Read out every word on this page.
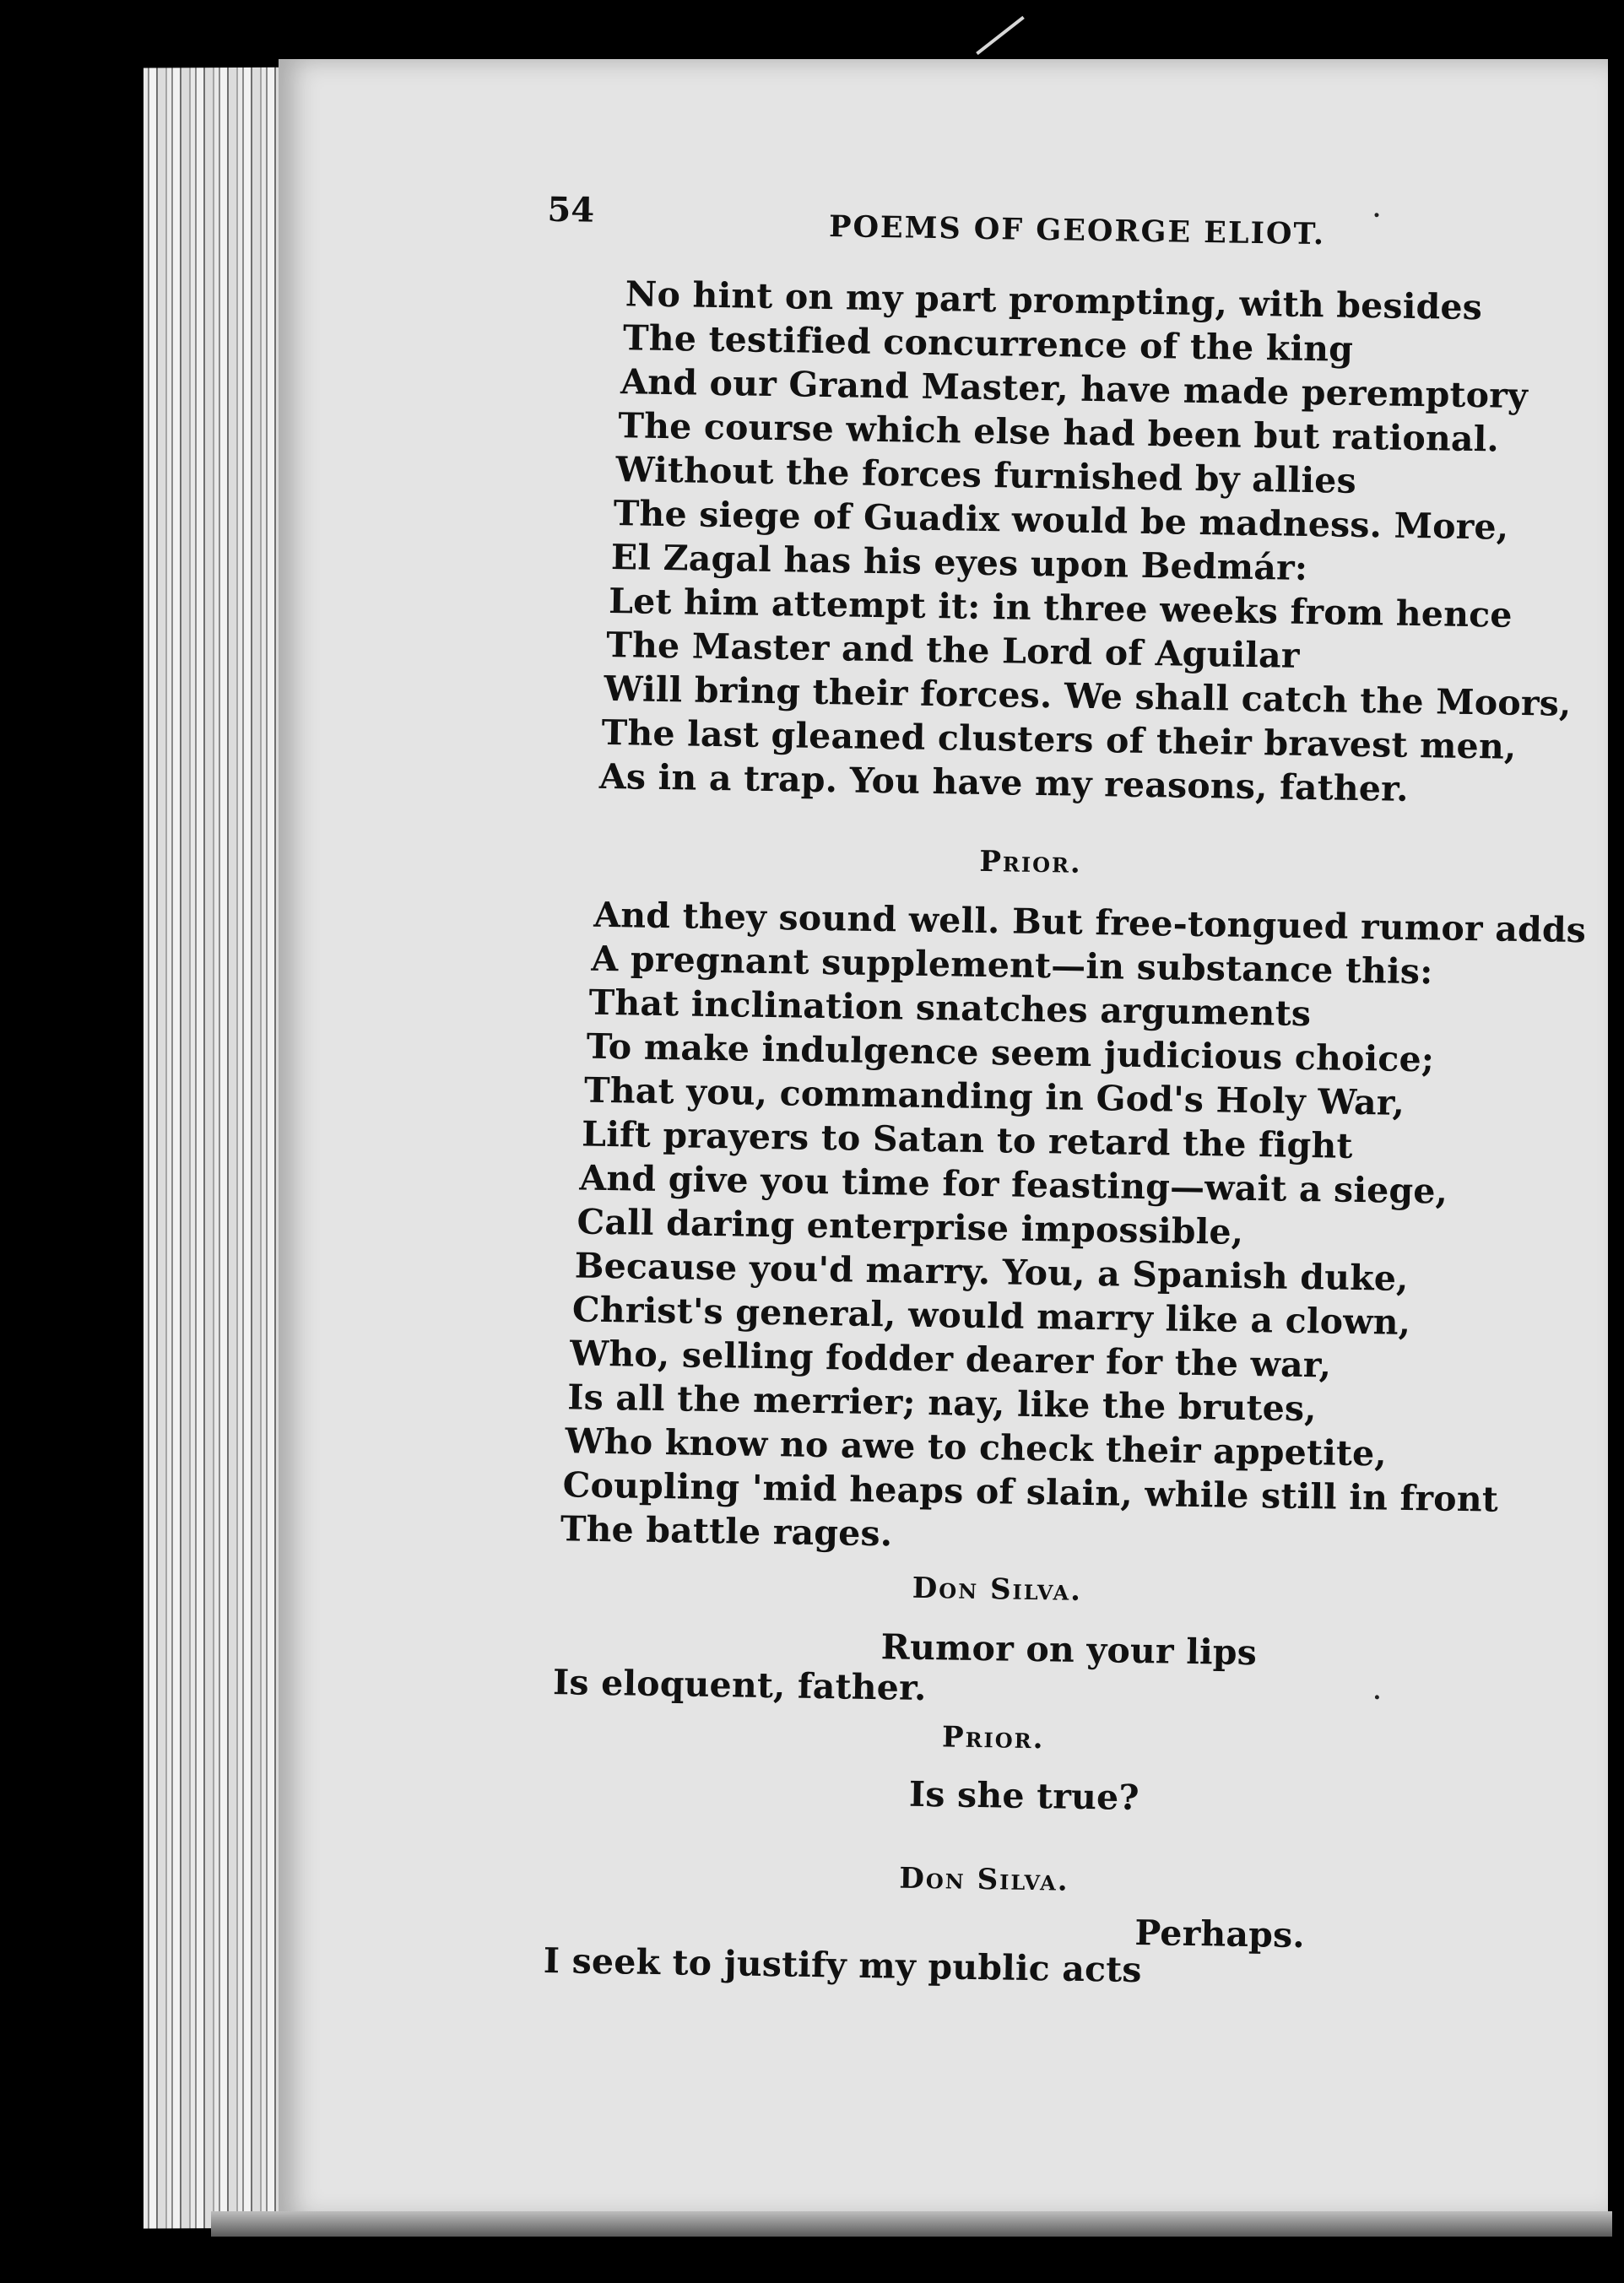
54	POEMS OF GEORGE ELIOT.
No hint on my part prompting, with besides
The testified concurrence of the king
And our Grand Master, have made peremptory
The course which else had been but rational.
Without the forces furnished by allies
The siege of Guadix would be madness. More,
El Zagal has his eyes upon Bedmár:
Let him attempt it: in three weeks from hence
The Master and the Lord of Aguilar
Will bring their forces. We shall catch the Moors,
The last gleaned clusters of their bravest men,
As in a trap. You have my reasons, father.
Prior.
And they sound well. But free-tongued rumor adds
A pregnant supplement—in substance this:
That inclination snatches arguments
To make indulgence seem judicious choice;
That you, commanding in God's Holy War,
Lift prayers to Satan to retard the fight
And give you time for feasting—wait a siege,
Call daring enterprise impossible,
Because you'd marry. You, a Spanish duke,
Christ's general, would marry like a clown,
Who, selling fodder dearer for the war,
Is all the merrier; nay, like the brutes,
Who know no awe to check their appetite,
Coupling 'mid heaps of slain, while still in front
The battle rages.
Don Silva.
Rumor on your lips
Is eloquent, father.
Prior.
Is she true?
Don Silva.
Perhaps.
I seek to justify my public acts
